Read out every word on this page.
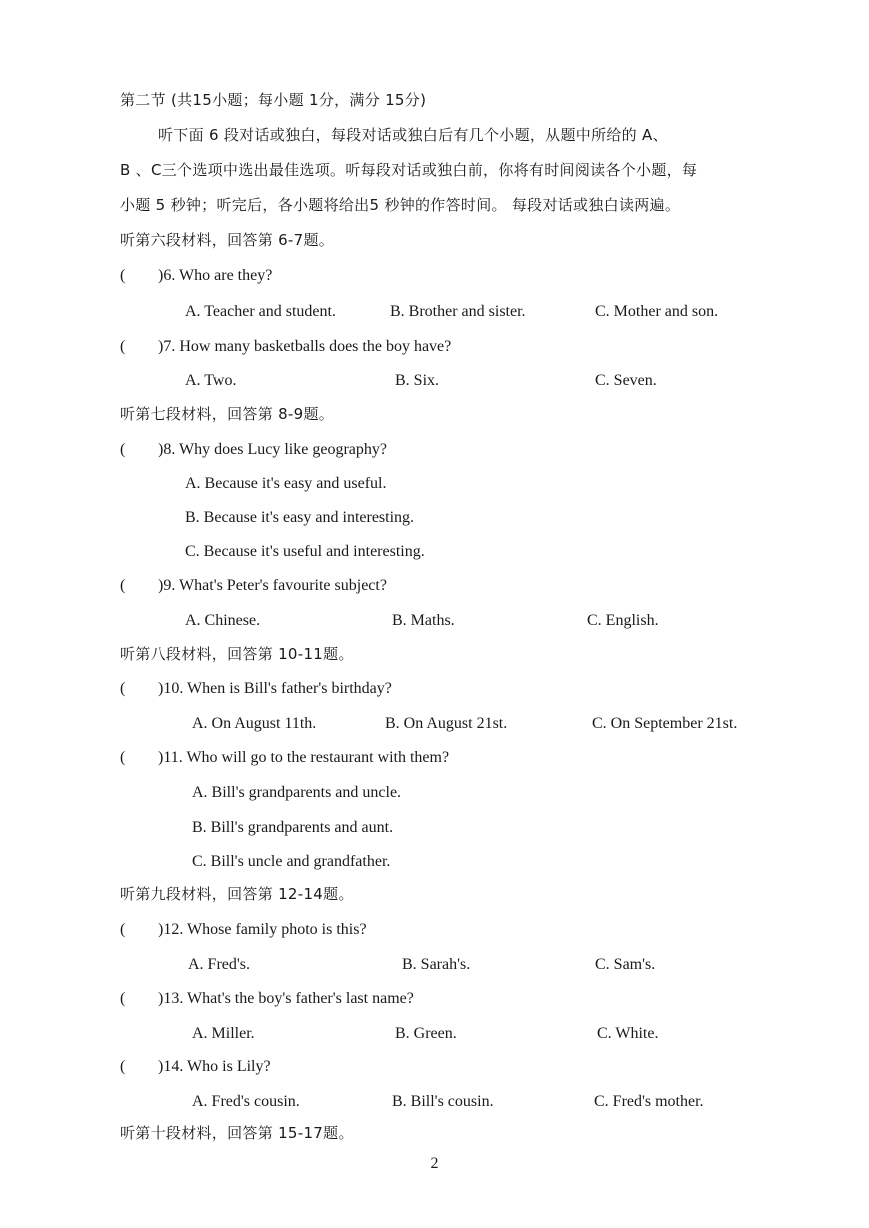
第二节 (共15小题；每小题 1分，满分 15分)
听下面 6 段对话或独白，每段对话或独白后有几个小题，从题中所给的 A、
B 、C三个选项中选出最佳选项。听每段对话或独白前，你将有时间阅读各个小题，每
小题 5 秒钟；听完后，各小题将给出5 秒钟的作答时间。 每段对话或独白读两遍。
听第六段材料，回答第 6-7题。
( )6. Who are they?
A. Teacher and student.	B. Brother and sister.	C. Mother and son.
( )7. How many basketballs does the boy have?
A. Two.	B. Six.	C. Seven.
听第七段材料，回答第 8-9题。
( )8. Why does Lucy like geography?
A. Because it's easy and useful.
B. Because it's easy and interesting.
C. Because it's useful and interesting.
( )9. What's Peter's favourite subject?
A. Chinese.	B. Maths.	C. English.
听第八段材料，回答第 10-11题。
( )10. When is Bill's father's birthday?
A. On August 11th.	B. On August 21st.	C. On September 21st.
( )11. Who will go to the restaurant with them?
A. Bill's grandparents and uncle.
B. Bill's grandparents and aunt.
C. Bill's uncle and grandfather.
听第九段材料，回答第 12-14题。
( )12. Whose family photo is this?
A. Fred's.	B. Sarah's.	C. Sam's.
( )13. What's the boy's father's last name?
A. Miller.	B. Green.	C. White.
( )14. Who is Lily?
A. Fred's cousin.	B. Bill's cousin.	C. Fred's mother.
听第十段材料，回答第 15-17题。
2
